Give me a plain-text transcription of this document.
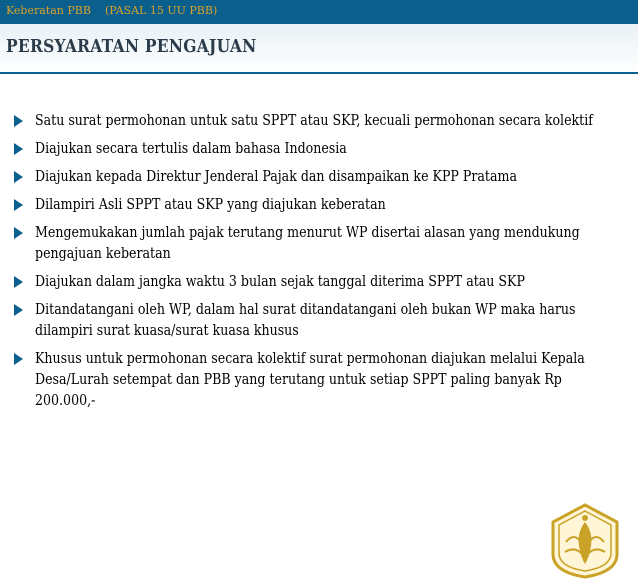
Keberatan PBB (PASAL 15 UU PBB)
PERSYARATAN PENGAJUAN
Satu surat permohonan untuk satu SPPT atau SKP, kecuali permohonan secara kolektif
Diajukan secara tertulis dalam bahasa Indonesia
Diajukan kepada Direktur Jenderal Pajak dan disampaikan ke KPP Pratama
Dilampiri Asli SPPT atau SKP yang diajukan keberatan
Mengemukakan jumlah pajak terutang menurut WP disertai alasan yang mendukung pengajuan keberatan
Diajukan dalam jangka waktu 3 bulan sejak tanggal diterima SPPT atau SKP
Ditandatangani oleh WP, dalam hal surat ditandatangani oleh bukan WP maka harus dilampiri surat kuasa/surat kuasa khusus
Khusus untuk permohonan secara kolektif surat permohonan diajukan melalui Kepala Desa/Lurah setempat dan PBB yang terutang untuk setiap SPPT paling banyak Rp 200.000,-
